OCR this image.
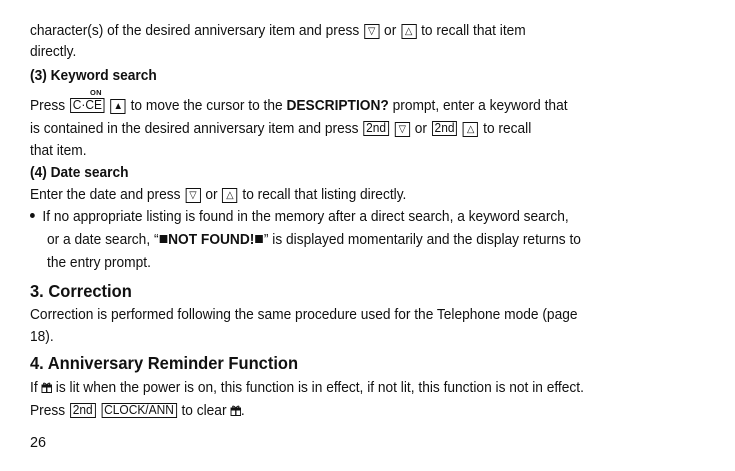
character(s) of the desired anniversary item and press ▽ or △ to recall that item
directly.
(3) Keyword search
ON
Press C·CE ▲ to move the cursor to the DESCRIPTION? prompt, enter a keyword that
is contained in the desired anniversary item and press 2nd ▽ or 2nd △ to recall
that item.
(4) Date search
Enter the date and press ▽ or △ to recall that listing directly.
If no appropriate listing is found in the memory after a direct search, a keyword search,
or a date search, “ NOT FOUND! ” is displayed momentarily and the display returns to
the entry prompt.
3. Correction
Correction is performed following the same procedure used for the Telephone mode (page
18).
4. Anniversary Reminder Function
If is lit when the power is on, this function is in effect, if not lit, this function is not in effect.
Press 2nd CLOCK/ANN to clear .
26
